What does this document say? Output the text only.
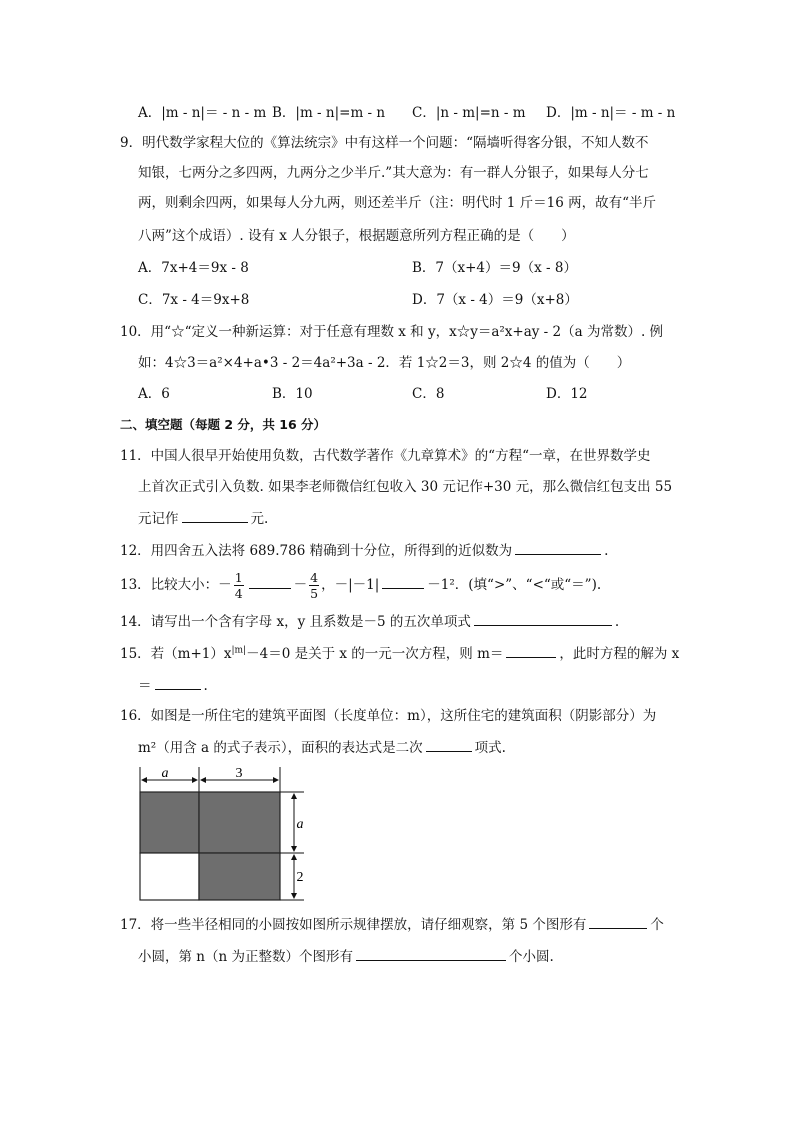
A．|m - n|＝ - n - m B．|m - n|=m - n C．|n - m|=n - m D．|m - n|＝ - m - n
9．明代数学家程大位的《算法统宗》中有这样一个问题：“隔墙听得客分银，不知人数不
知银，七两分之多四两，九两分之少半斤.”其大意为：有一群人分银子，如果每人分七
两，则剩余四两，如果每人分九两，则还差半斤（注：明代时 1 斤＝16 两，故有“半斤
八两”这个成语）. 设有 x 人分银子，根据题意所列方程正确的是（　　）
A．7x+4＝9x - 8	B．7（x+4）＝9（x - 8）
C．7x - 4＝9x+8	D．7（x - 4）＝9（x+8）
10．用“☆“定义一种新运算：对于任意有理数 x 和 y，x☆y＝a²x+ay - 2（a 为常数）. 例
如：4☆3＝a²×4+a•3 - 2＝4a²+3a - 2．若 1☆2＝3，则 2☆4 的值为（　　）
A．6	B．10	C．8	D．12
二、填空题（每题 2 分，共 16 分）
11．中国人很早开始使用负数，古代数学著作《九章算术》的“方程“一章，在世界数学史
上首次正式引入负数. 如果李老师微信红包收入 30 元记作+30 元，那么微信红包支出 55
元记作	元.
12．用四舍五入法将 689.786 精确到十分位，所得到的近似数为	.
13．比较大小：－ $\frac{1}{4}$	－ $\frac{4}{5}$ ，－|－1|	－1²．(填“>”、“<“或“＝”).
14．请写出一个含有字母 x，y 且系数是－5 的五次单项式	.
15．若$(m+1)x^{|m|}-4=0$ 是关于 x 的一元一次方程，则 m＝	，此时方程的解为 x
＝	.
16．如图是一所住宅的建筑平面图（长度单位：m），这所住宅的建筑面积（阴影部分）为
m²（用含 a 的式子表示），面积的表达式是二次	项式.
a	3
a
2
17．将一些半径相同的小圆按如图所示规律摆放，请仔细观察，第 5 个图形有	个
小圆，第 n（n 为正整数）个图形有	个小圆.
